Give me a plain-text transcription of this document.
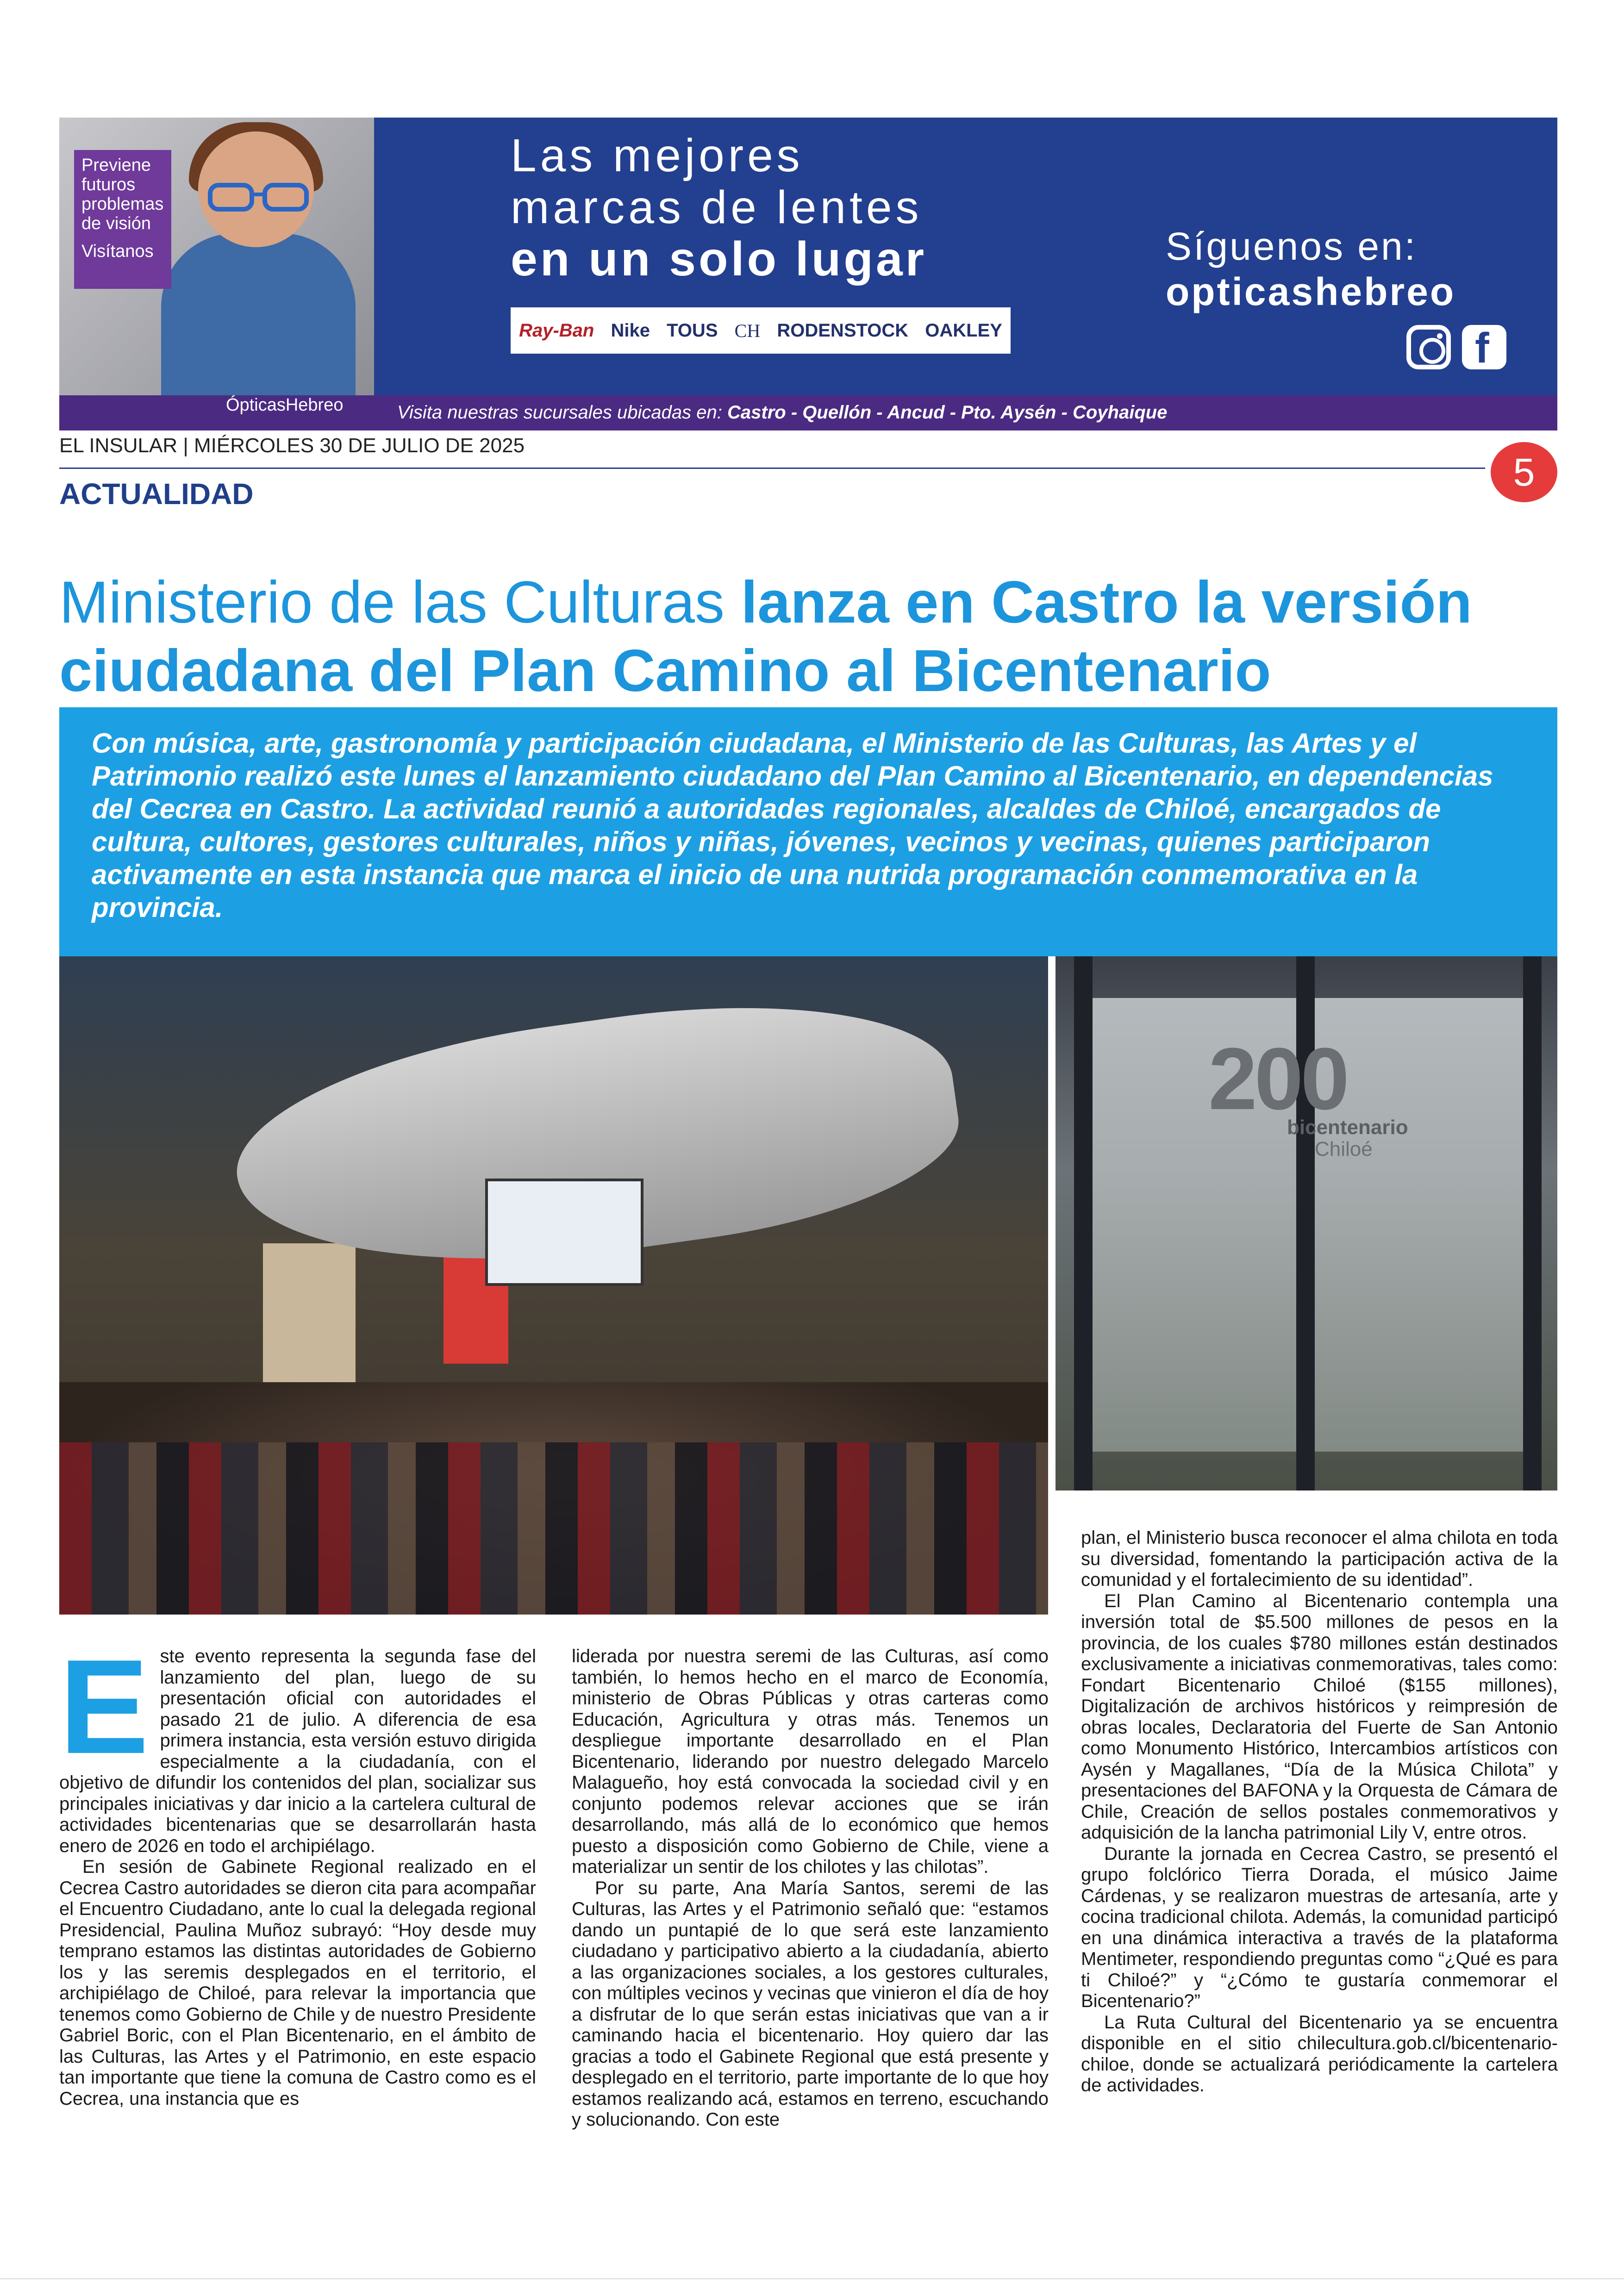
Previene
futuros
problemas
de visión
Visítanos
ÓpticasHebreo	Visita nuestras sucursales ubicadas en: Castro - Quellón - Ancud - Pto. Aysén - Coyhaique
Las mejores
marcas de lentes
en un solo lugar
Ray-Ban Nike TOUS CH RODENSTOCK OAKLEY
Síguenos en:
opticashebreo
f
EL INSULAR | MIÉRCOLES 30 DE JULIO DE 2025
ACTUALIDAD	5
Ministerio de las Culturas lanza en Castro la versión ciudadana del Plan Camino al Bicentenario
Con música, arte, gastronomía y participación ciudadana, el Ministerio de las Culturas, las Artes y el Patrimonio realizó este lunes el lanzamiento ciudadano del Plan Camino al Bicentenario, en dependencias del Cecrea en Castro. La actividad reunió a autoridades regionales, alcaldes de Chiloé, encargados de cultura, cultores, gestores culturales, niños y niñas, jóvenes, vecinos y vecinas, quienes participaron activamente en esta instancia que marca el inicio de una nutrida programación conmemorativa en la provincia.
200
bicentenario
Chiloé

Este evento representa la segunda fase del lanzamiento del plan, luego de su presentación oficial con autoridades el pasado 21 de julio. A diferencia de esa primera instancia, esta versión estuvo dirigida especialmente a la ciudadanía, con el objetivo de difundir los contenidos del plan, socializar sus principales iniciativas y dar inicio a la cartelera cultural de actividades bicentenarias que se desarrollarán hasta enero de 2026 en todo el archipiélago.

En sesión de Gabinete Regional realizado en el Cecrea Castro autoridades se dieron cita para acompañar el Encuentro Ciudadano, ante lo cual la delegada regional Presidencial, Paulina Muñoz subrayó: “Hoy desde muy temprano estamos las distintas autoridades de Gobierno los y las seremis desplegados en el territorio, el archipiélago de Chiloé, para relevar la importancia que tenemos como Gobierno de Chile y de nuestro Presidente Gabriel Boric, con el Plan Bicentenario, en el ámbito de las Culturas, las Artes y el Patrimonio, en este espacio tan importante que tiene la comuna de Castro como es el Cecrea, una instancia que es

liderada por nuestra seremi de las Culturas, así como también, lo hemos hecho en el marco de Economía, ministerio de Obras Públicas y otras carteras como Educación, Agricultura y otras más. Tenemos un despliegue importante desarrollado en el Plan Bicentenario, liderando por nuestro delegado Marcelo Malagueño, hoy está convocada la sociedad civil y en conjunto podemos relevar acciones que se irán desarrollando, más allá de lo económico que hemos puesto a disposición como Gobierno de Chile, viene a materializar un sentir de los chilotes y las chilotas”.

Por su parte, Ana María Santos, seremi de las Culturas, las Artes y el Patrimonio señaló que: “estamos dando un puntapié de lo que será este lanzamiento ciudadano y participativo abierto a la ciudadanía, abierto a las organizaciones sociales, a los gestores culturales, con múltiples vecinos y vecinas que vinieron el día de hoy a disfrutar de lo que serán estas iniciativas que van a ir caminando hacia el bicentenario. Hoy quiero dar las gracias a todo el Gabinete Regional que está presente y desplegado en el territorio, parte importante de lo que hoy estamos realizando acá, estamos en terreno, escuchando y solucionando. Con este

plan, el Ministerio busca reconocer el alma chilota en toda su diversidad, fomentando la participación activa de la comunidad y el fortalecimiento de su identidad”.

El Plan Camino al Bicentenario contempla una inversión total de $5.500 millones de pesos en la provincia, de los cuales $780 millones están destinados exclusivamente a iniciativas conmemorativas, tales como: Fondart Bicentenario Chiloé ($155 millones), Digitalización de archivos históricos y reimpresión de obras locales, Declaratoria del Fuerte de San Antonio como Monumento Histórico, Intercambios artísticos con Aysén y Magallanes, “Día de la Música Chilota” y presentaciones del BAFONA y la Orquesta de Cámara de Chile, Creación de sellos postales conmemorativos y adquisición de la lancha patrimonial Lily V, entre otros.

Durante la jornada en Cecrea Castro, se presentó el grupo folclórico Tierra Dorada, el músico Jaime Cárdenas, y se realizaron muestras de artesanía, arte y cocina tradicional chilota. Además, la comunidad participó en una dinámica interactiva a través de la plataforma Mentimeter, respondiendo preguntas como “¿Qué es para ti Chiloé?” y “¿Cómo te gustaría conmemorar el Bicentenario?”

La Ruta Cultural del Bicentenario ya se encuentra disponible en el sitio chilecultura.gob.cl/bicentenario-chiloe, donde se actualizará periódicamente la cartelera de actividades.
